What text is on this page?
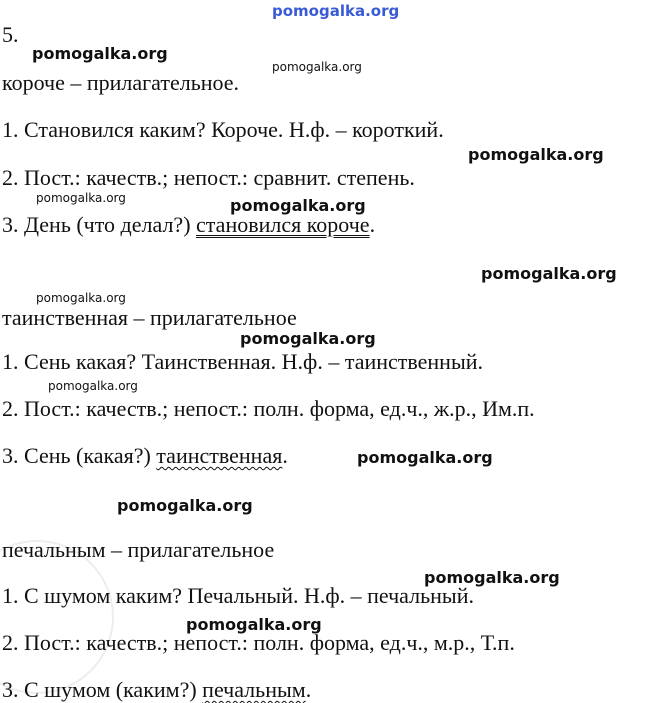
pomogalka.org
5.
короче – прилагательное.
1. Становился каким? Короче. Н.ф. – короткий.
2. Пост.: качеств.; непост.: сравнит. степень.
3. День (что делал?) становился короче.
таинственная – прилагательное
1. Сень какая? Таинственная. Н.ф. – таинственный.
2. Пост.: качеств.; непост.: полн. форма, ед.ч., ж.р., Им.п.
3. Сень (какая?) таинственная.
печальным – прилагательное
1. С шумом каким? Печальный. Н.ф. – печальный.
2. Пост.: качеств.; непост.: полн. форма, ед.ч., м.р., Т.п.
3. С шумом (каким?) печальным.
pomogalka.org
pomogalka.org
pomogalka.org
pomogalka.org	pomogalka.org
pomogalka.org
pomogalka.org
pomogalka.org
pomogalka.org
pomogalka.org
pomogalka.org
pomogalka.org
pomogalka.org
